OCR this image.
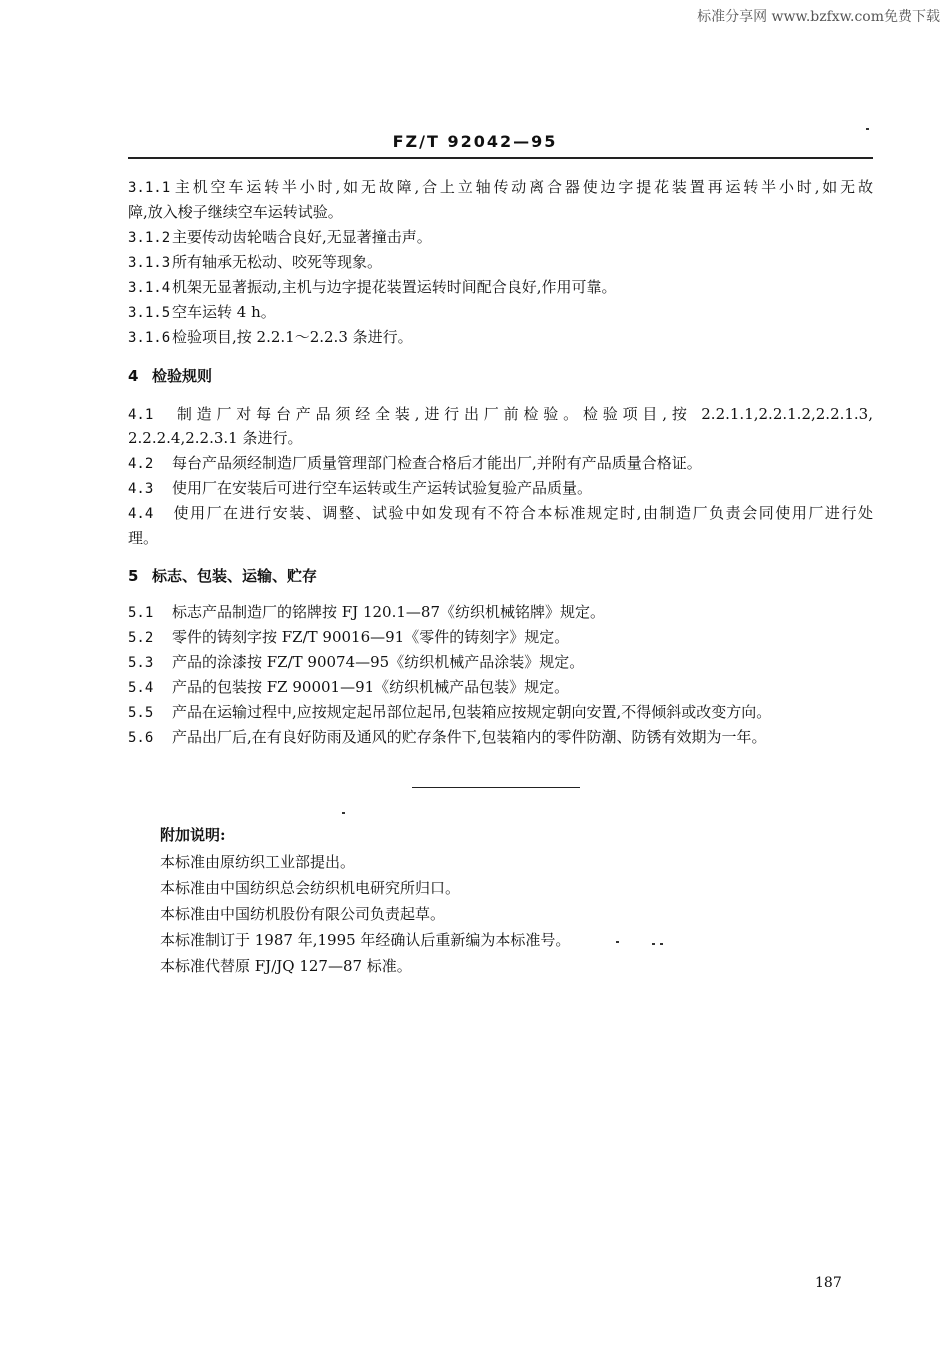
标准分享网 www.bzfxw.com免费下载
FZ/T 92042—95
3.1.1 主机空车运转半小时,如无故障,合上立轴传动离合器使边字提花装置再运转半小时,如无故
障,放入梭子继续空车运转试验。
3.1.2 主要传动齿轮啮合良好,无显著撞击声。
3.1.3 所有轴承无松动、咬死等现象。
3.1.4 机架无显著振动,主机与边字提花装置运转时间配合良好,作用可靠。
3.1.5 空车运转 4 h。
3.1.6 检验项目,按 2.2.1～2.2.3 条进行。
4 检验规则
4.1 制造厂对每台产品须经全装,进行出厂前检验。检验项目,按 2.2.1.1,2.2.1.2,2.2.1.3,
2.2.2.4,2.2.3.1 条进行。
4.2 每台产品须经制造厂质量管理部门检查合格后才能出厂,并附有产品质量合格证。
4.3 使用厂在安装后可进行空车运转或生产运转试验复验产品质量。
4.4 使用厂在进行安装、调整、试验中如发现有不符合本标准规定时,由制造厂负责会同使用厂进行处
理。
5 标志、包装、运输、贮存
5.1 标志产品制造厂的铭牌按 FJ 120.1—87《纺织机械铭牌》规定。
5.2 零件的铸刻字按 FZ/T 90016—91《零件的铸刻字》规定。
5.3 产品的涂漆按 FZ/T 90074—95《纺织机械产品涂装》规定。
5.4 产品的包装按 FZ 90001—91《纺织机械产品包装》规定。
5.5 产品在运输过程中,应按规定起吊部位起吊,包装箱应按规定朝向安置,不得倾斜或改变方向。
5.6 产品出厂后,在有良好防雨及通风的贮存条件下,包装箱内的零件防潮、防锈有效期为一年。
附加说明:
本标准由原纺织工业部提出。
本标准由中国纺织总会纺织机电研究所归口。
本标准由中国纺机股份有限公司负责起草。
本标准制订于 1987 年,1995 年经确认后重新编为本标准号。
本标准代替原 FJ/JQ 127—87 标准。
187
